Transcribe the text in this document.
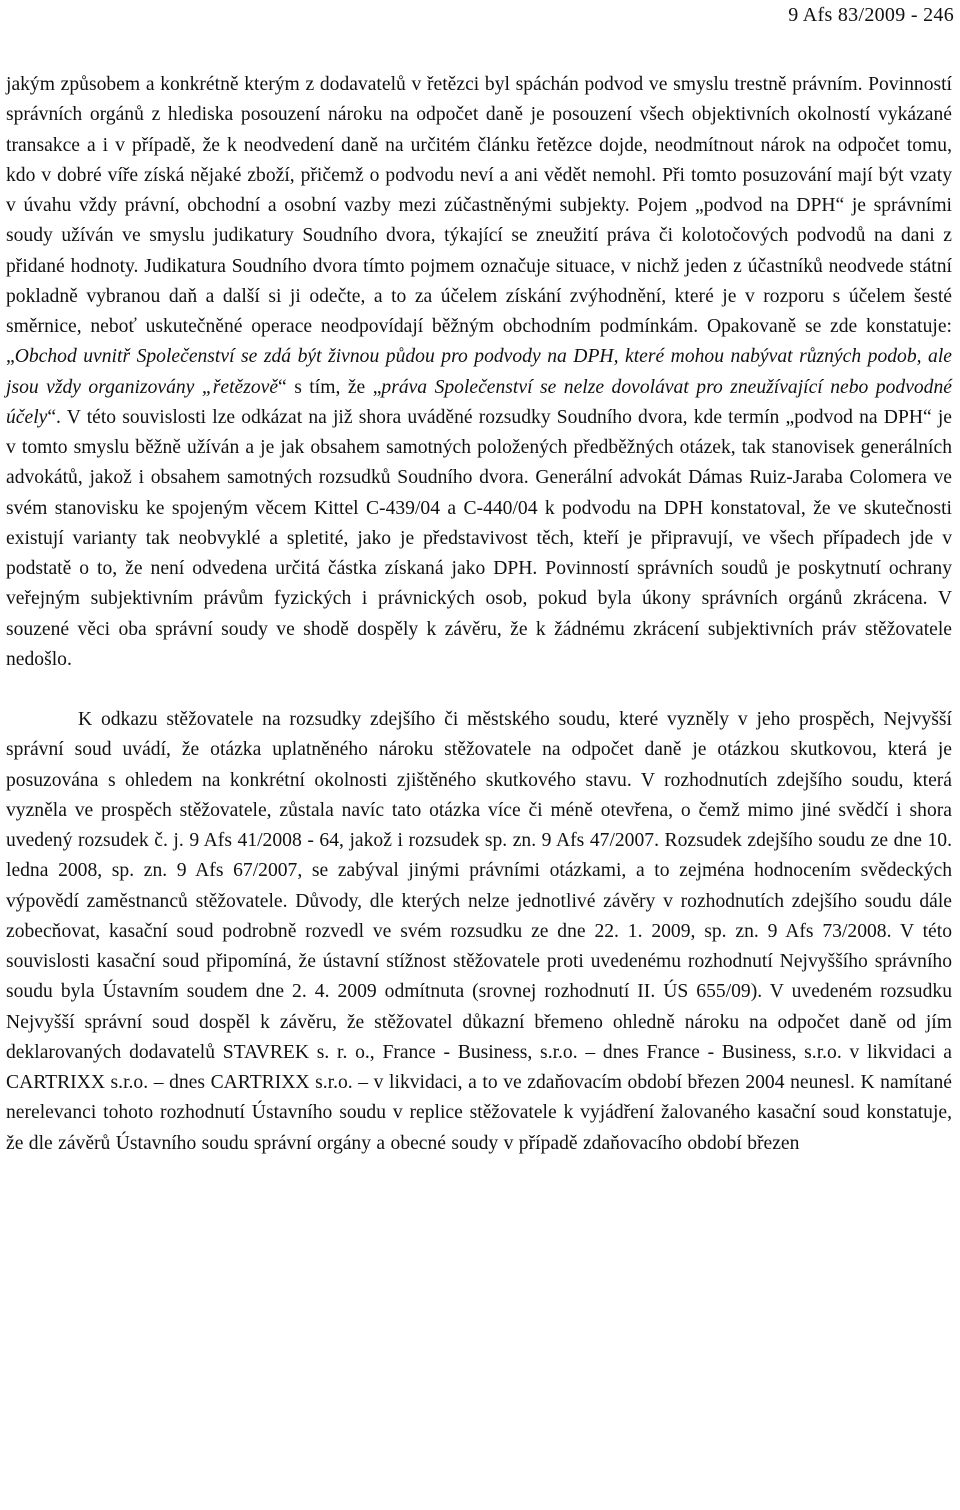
9 Afs 83/2009 - 246

jakým způsobem a konkrétně kterým z dodavatelů v řetězci byl spáchán podvod ve smyslu trestně právním. Povinností správních orgánů z hlediska posouzení nároku na odpočet daně je posouzení všech objektivních okolností vykázané transakce a i v případě, že k neodvedení daně na určitém článku řetězce dojde, neodmítnout nárok na odpočet tomu, kdo v dobré víře získá nějaké zboží, přičemž o podvodu neví a ani vědět nemohl. Při tomto posuzování mají být vzaty v úvahu vždy právní, obchodní a osobní vazby mezi zúčastněnými subjekty. Pojem „podvod na DPH“ je správními soudy užíván ve smyslu judikatury Soudního dvora, týkající se zneužití práva či kolotočových podvodů na dani z přidané hodnoty. Judikatura Soudního dvora tímto pojmem označuje situace, v nichž jeden z účastníků neodvede státní pokladně vybranou daň a další si ji odečte, a to za účelem získání zvýhodnění, které je v rozporu s účelem šesté směrnice, neboť uskutečněné operace neodpovídají běžným obchodním podmínkám. Opakovaně se zde konstatuje: „Obchod uvnitř Společenství se zdá být živnou půdou pro podvody na DPH, které mohou nabývat různých podob, ale jsou vždy organizovány „řetězově“ s tím, že „práva Společenství se nelze dovolávat pro zneužívající nebo podvodné účely“. V této souvislosti lze odkázat na již shora uváděné rozsudky Soudního dvora, kde termín „podvod na DPH“ je v tomto smyslu běžně užíván a je jak obsahem samotných položených předběžných otázek, tak stanovisek generálních advokátů, jakož i obsahem samotných rozsudků Soudního dvora. Generální advokát Dámas Ruiz-Jaraba Colomera ve svém stanovisku ke spojeným věcem Kittel C-439/04 a C-440/04 k podvodu na DPH konstatoval, že ve skutečnosti existují varianty tak neobvyklé a spletité, jako je představivost těch, kteří je připravují, ve všech případech jde v podstatě o to, že není odvedena určitá částka získaná jako DPH. Povinností správních soudů je poskytnutí ochrany veřejným subjektivním právům fyzických i právnických osob, pokud byla úkony správních orgánů zkrácena. V souzené věci oba správní soudy ve shodě dospěly k závěru, že k žádnému zkrácení subjektivních práv stěžovatele nedošlo.

K odkazu stěžovatele na rozsudky zdejšího či městského soudu, které vyzněly v jeho prospěch, Nejvyšší správní soud uvádí, že otázka uplatněného nároku stěžovatele na odpočet daně je otázkou skutkovou, která je posuzována s ohledem na konkrétní okolnosti zjištěného skutkového stavu. V rozhodnutích zdejšího soudu, která vyzněla ve prospěch stěžovatele, zůstala navíc tato otázka více či méně otevřena, o čemž mimo jiné svědčí i shora uvedený rozsudek č. j. 9 Afs 41/2008 - 64, jakož i rozsudek sp. zn. 9 Afs 47/2007. Rozsudek zdejšího soudu ze dne 10. ledna 2008, sp. zn. 9 Afs 67/2007, se zabýval jinými právními otázkami, a to zejména hodnocením svědeckých výpovědí zaměstnanců stěžovatele. Důvody, dle kterých nelze jednotlivé závěry v rozhodnutích zdejšího soudu dále zobecňovat, kasační soud podrobně rozvedl ve svém rozsudku ze dne 22. 1. 2009, sp. zn. 9 Afs 73/2008. V této souvislosti kasační soud připomíná, že ústavní stížnost stěžovatele proti uvedenému rozhodnutí Nejvyššího správního soudu byla Ústavním soudem dne 2. 4. 2009 odmítnuta (srovnej rozhodnutí II. ÚS 655/09). V uvedeném rozsudku Nejvyšší správní soud dospěl k závěru, že stěžovatel důkazní břemeno ohledně nároku na odpočet daně od jím deklarovaných dodavatelů STAVREK s. r. o., France - Business, s.r.o. – dnes France - Business, s.r.o. v likvidaci a CARTRIXX s.r.o. – dnes CARTRIXX s.r.o. – v likvidaci, a to ve zdaňovacím období březen 2004 neunesl. K namítané nerelevanci tohoto rozhodnutí Ústavního soudu v replice stěžovatele k vyjádření žalovaného kasační soud konstatuje, že dle závěrů Ústavního soudu správní orgány a obecné soudy v případě zdaňovacího období březen
